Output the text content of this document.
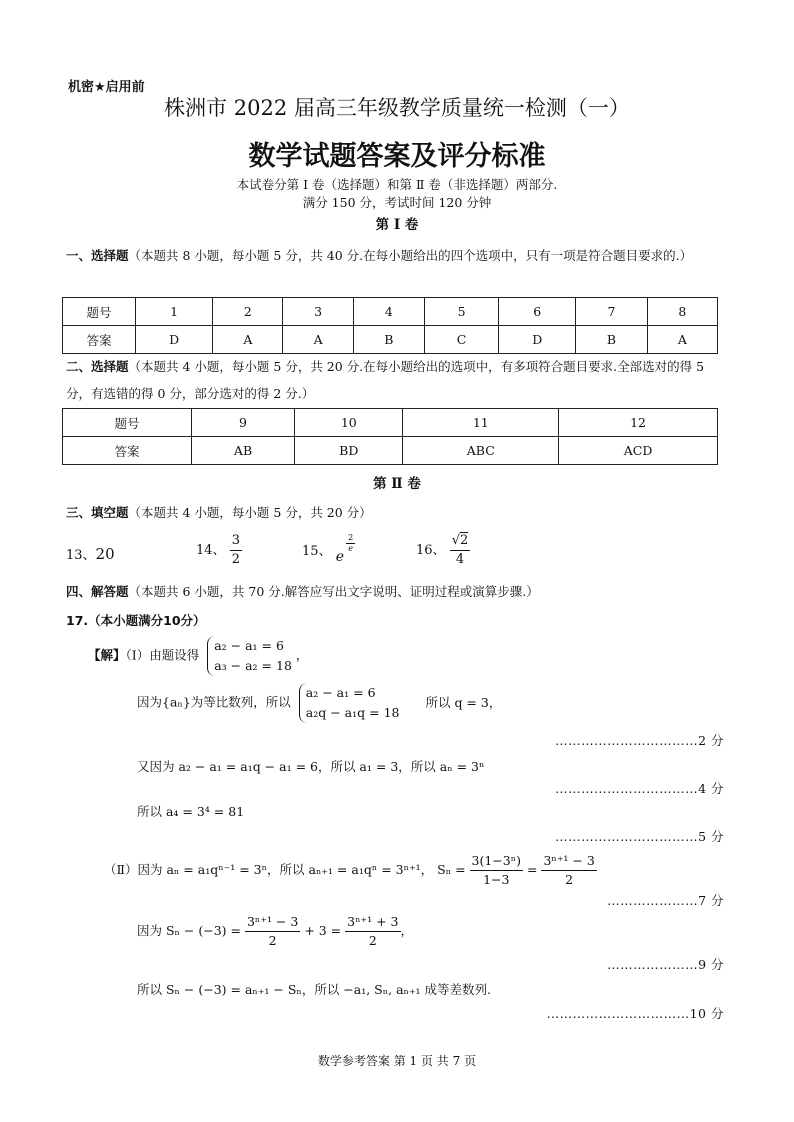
机密★启用前
株洲市 2022 届高三年级教学质量统一检测（一）
数学试题答案及评分标准
本试卷分第 Ⅰ 卷（选择题）和第 Ⅱ 卷（非选择题）两部分.
满分 150 分，考试时间 120 分钟
第 Ⅰ 卷
一、选择题（本题共 8 小题，每小题 5 分，共 40 分.在每小题给出的四个选项中，只有一项是符合题目要求的.）
题号	1	2	3	4	5	6	7	8
答案	D	A	A	B	C	D	B	A
二、选择题（本题共 4 小题，每小题 5 分，共 20 分.在每小题给出的选项中，有多项符合题目要求.全部选对的得 5 分，有选错的得 0 分，部分选对的得 2 分.）
题号	9	10	11	12
答案	AB	BD	ABC	ACD
第 Ⅱ 卷
三、填空题（本题共 4 小题，每小题 5 分，共 20 分）
13、20	14、 $\frac{3}{2}$	15、 e
$\frac{2}{e}$	16、 $\frac{√2}{4}$
四、解答题（本题共 6 小题，共 70 分.解答应写出文字说明、证明过程或演算步骤.）
17.（本小题满分10分）
【解】（Ⅰ）由题设得
a₂ − a₁ = 6
a₃ − a₂ = 18
，
因为{aₙ}为等比数列，所以
a₂ − a₁ = 6
a₂q − a₁q = 18
所以 q = 3，
……………………………2 分
又因为 a₂ − a₁ = a₁q − a₁ = 6，所以 a₁ = 3，所以 aₙ = 3ⁿ
……………………………4 分
所以 a₄ = 3⁴ = 81
……………………………5 分
（Ⅱ）因为 aₙ = a₁qⁿ⁻¹ = 3ⁿ，所以 aₙ₊₁ = a₁qⁿ = 3ⁿ⁺¹， $S_n = \frac{\text{3(1−3ⁿ)}}{1-3} = \frac{\text{3ⁿ⁺¹ − 3}}{2}$
…………………7 分
因为 $S_n - (-3) = \frac{\text{3ⁿ⁺¹ − 3}}{2} + 3 = \frac{\text{3ⁿ⁺¹ + 3}}{2}$ ，
…………………9 分
所以 Sₙ − (−3) = aₙ₊₁ − Sₙ，所以 −a₁, Sₙ, aₙ₊₁ 成等差数列.
……………………………10 分
数学参考答案 第 1 页 共 7 页
